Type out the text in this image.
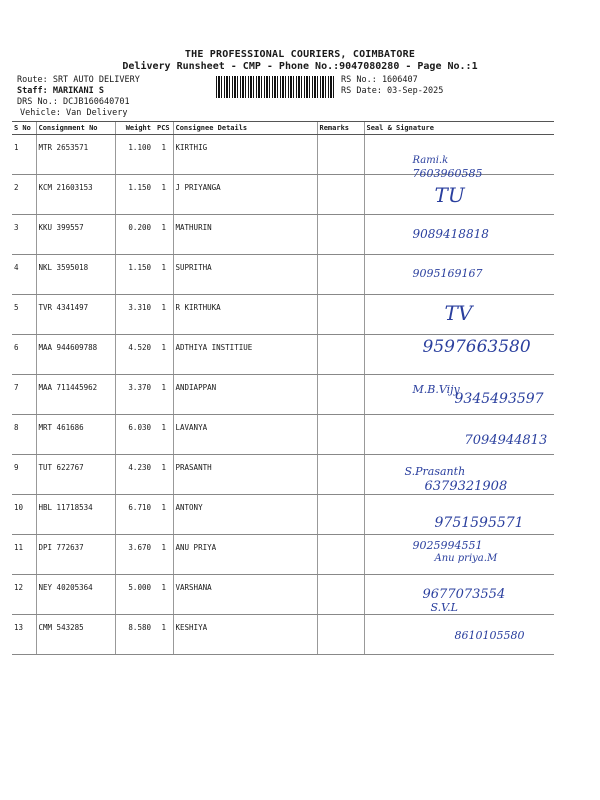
THE PROFESSIONAL COURIERS, COIMBATORE
Delivery Runsheet - CMP - Phone No.:9047080280 - Page No.:1
Route: SRT AUTO DELIVERY
Staff: MARIKANI S
DRS No.: DCJB160640701
Vehicle: Van Delivery
RS No.: 1606407
RS Date: 03-Sep-2025
S No	Consignment No	Weight	PCS	Consignee Details	Remarks	Seal & Signature
1	MTR 2653571	1.100	1	KIRTHIG		Rami.k
7603960585

2	KCM 21603153	1.150	1	J PRIYANGA		TU

3	KKU 399557	0.200	1	MATHURIN		9089418818

4	NKL 3595018	1.150	1	SUPRITHA		9095169167

5	TVR 4341497	3.310	1	R KIRTHUKA		TV

6	MAA 944609788	4.520	1	ADTHIYA INSTITIUE		9597663580

7	MAA 711445962	3.370	1	ANDIAPPAN		M.B.Vijy
9345493597

8	MRT 461686	6.030	1	LAVANYA		7094944813

9	TUT 622767	4.230	1	PRASANTH		S.Prasanth
6379321908

10	HBL 11718534	6.710	1	ANTONY		9751595571

11	DPI 772637	3.670	1	ANU PRIYA		9025994551
Anu priya.M

12	NEY 40205364	5.000	1	VARSHANA		9677073554
S.V.L

13	CMM 543285	8.580	1	KESHIYA		8610105580
